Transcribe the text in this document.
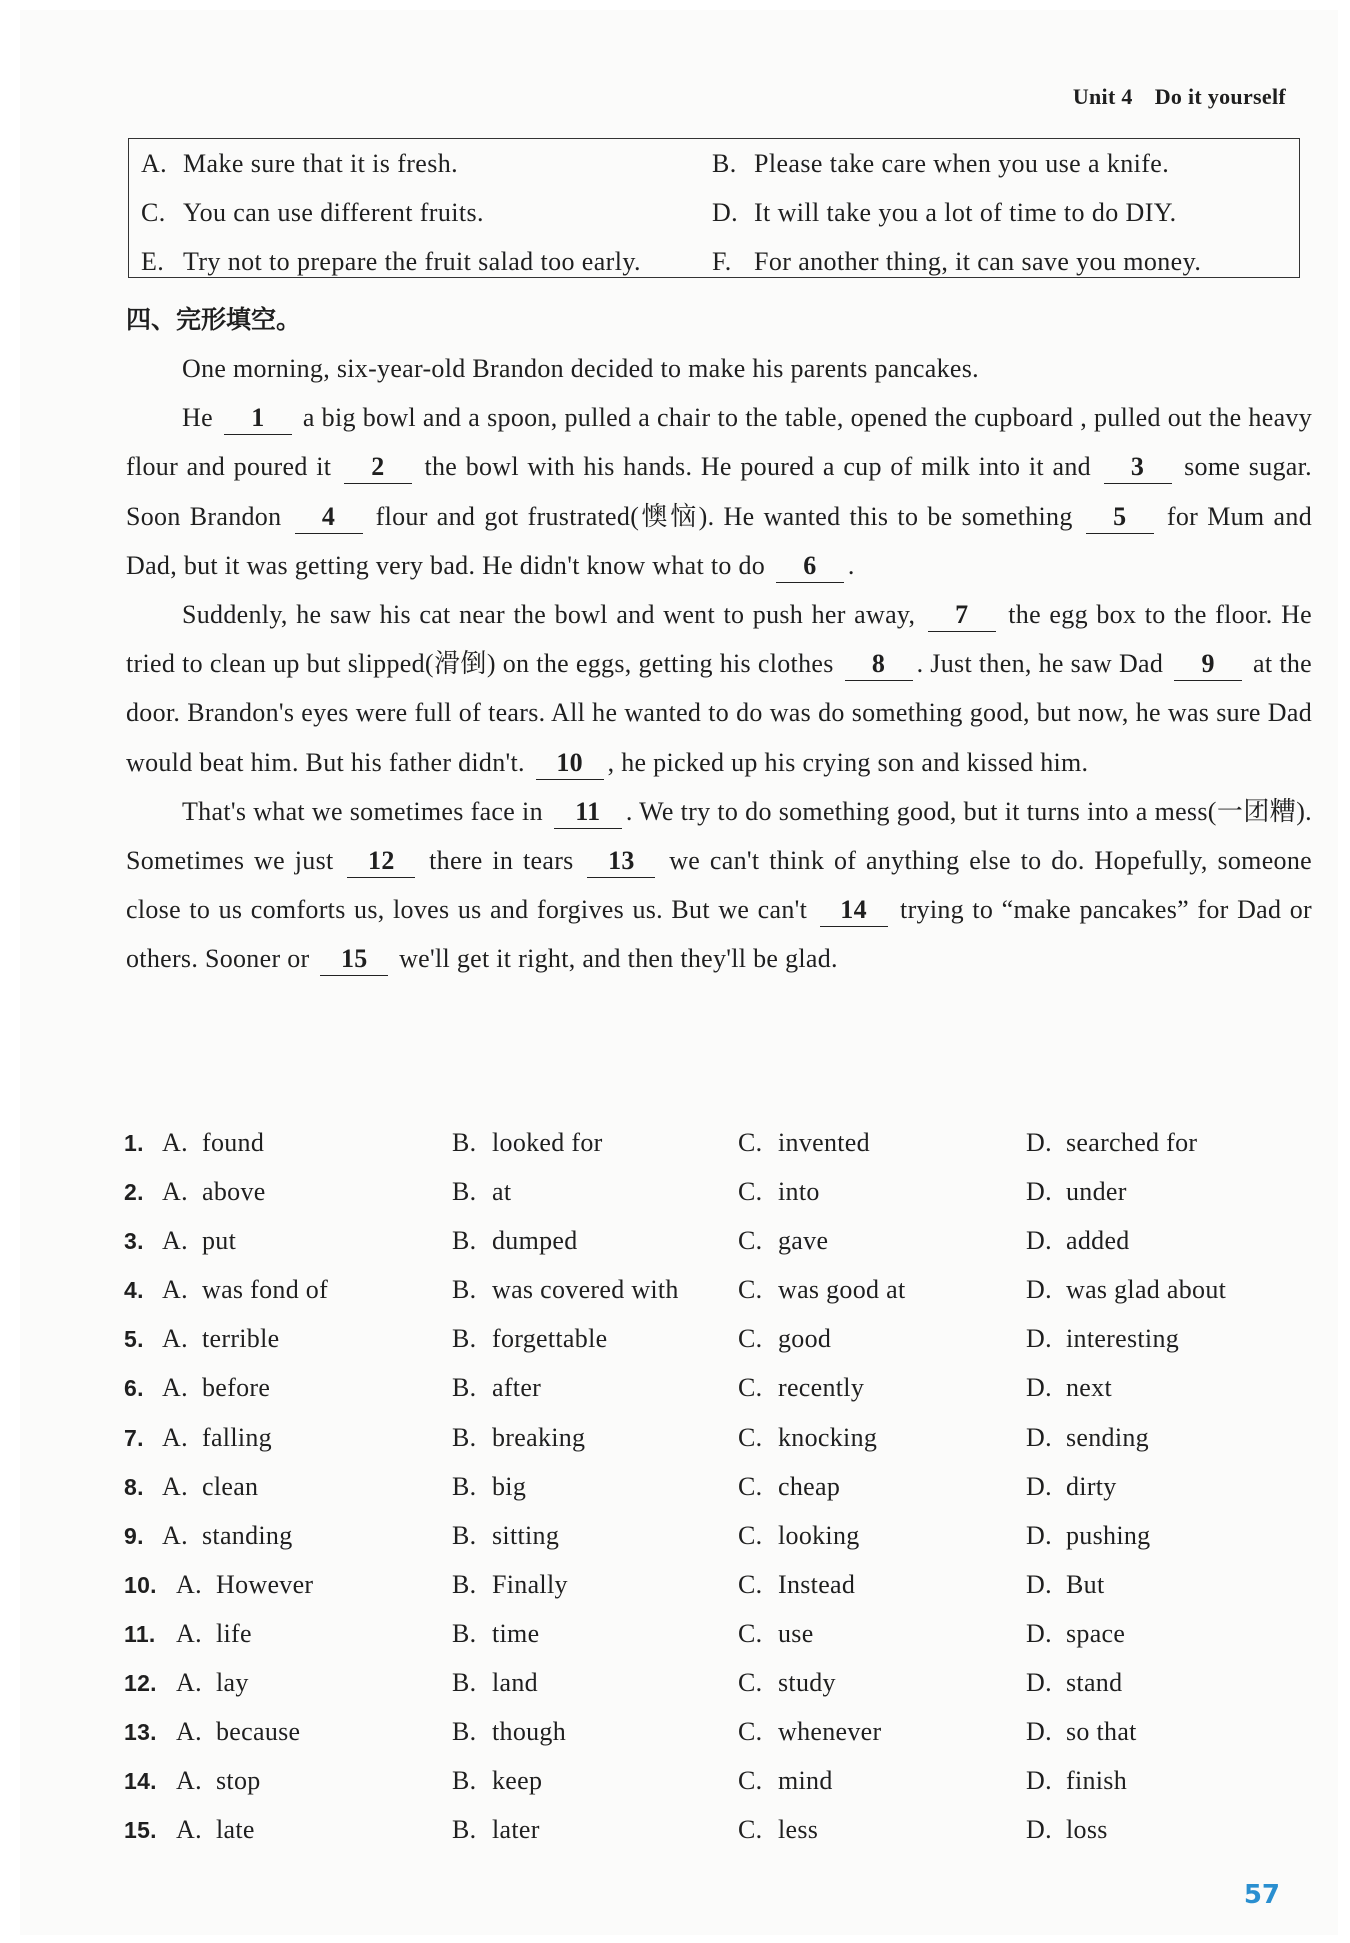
Unit 4 Do it yourself
A. Make sure that it is fresh.	B. Please take care when you use a knife.
C. You can use different fruits.	D. It will take you a lot of time to do DIY.
E. Try not to prepare the fruit salad too early.	F. For another thing, it can save you money.
四、完形填空。

One morning, six-year-old Brandon decided to make his parents pancakes.

He 1 a big bowl and a spoon, pulled a chair to the table, opened the cupboard , pulled out the heavy flour and poured it 2 the bowl with his hands. He poured a cup of milk into it and 3 some sugar. Soon Brandon 4 flour and got frustrated(懊恼). He wanted this to be something 5 for Mum and Dad, but it was getting very bad. He didn't know what to do 6 .

Suddenly, he saw his cat near the bowl and went to push her away, 7 the egg box to the floor. He tried to clean up but slipped(滑倒) on the eggs, getting his clothes 8 . Just then, he saw Dad 9 at the door. Brandon's eyes were full of tears. All he wanted to do was do something good, but now, he was sure Dad would beat him. But his father didn't. 10 , he picked up his crying son and kissed him.

That's what we sometimes face in 11 . We try to do something good, but it turns into a mess(一团糟). Sometimes we just 12 there in tears 13 we can't think of anything else to do. Hopefully, someone close to us comforts us, loves us and forgives us. But we can't 14 trying to “make pancakes” for Dad or others. Sooner or 15 we'll get it right, and then they'll be glad.

1. A. found	B. looked for	C. invented	D. searched for
2. A. above	B. at	C. into	D. under
3. A. put	B. dumped	C. gave	D. added
4. A. was fond of	B. was covered with C. was good at	D. was glad about
5. A. terrible	B. forgettable	C. good	D. interesting
6. A. before	B. after	C. recently	D. next
7. A. falling	B. breaking	C. knocking	D. sending
8. A. clean	B. big	C. cheap	D. dirty
9. A. standing	B. sitting	C. looking	D. pushing
10. A. However	B. Finally	C. Instead	D. But
11. A. life	B. time	C. use	D. space
12. A. lay	B. land	C. study	D. stand
13. A. because	B. though	C. whenever	D. so that
14. A. stop	B. keep	C. mind	D. finish
15. A. late	B. later	C. less	D. loss
57
